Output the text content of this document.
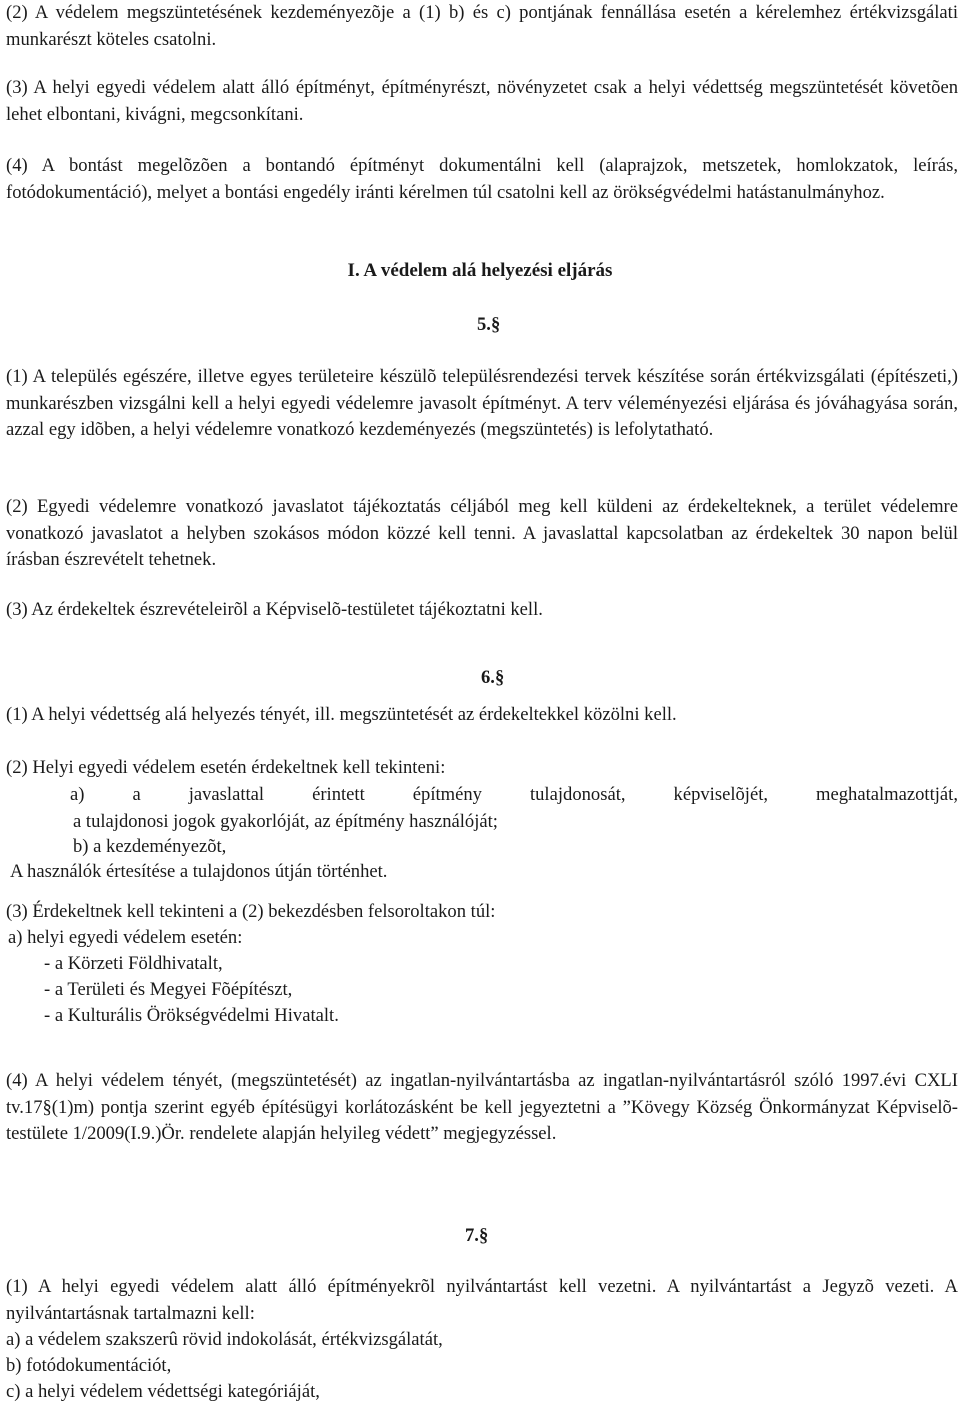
(2) A védelem megszüntetésének kezdeményezõje a (1) b) és c) pontjának fennállása esetén a kérelemhez értékvizsgálati munkarészt köteles csatolni.

(3) A helyi egyedi védelem alatt álló építményt, építményrészt, növényzetet csak a helyi védettség megszüntetését követõen lehet elbontani, kivágni, megcsonkítani.

(4) A bontást megelõzõen a bontandó építményt dokumentálni kell (alaprajzok, metszetek, homlokzatok, leírás, fotódokumentáció), melyet a bontási engedély iránti kérelmen túl csatolni kell az örökségvédelmi hatástanulmányhoz.

I. A védelem alá helyezési eljárás
5.§

(1) A település egészére, illetve egyes területeire készülõ településrendezési tervek készítése során értékvizsgálati (építészeti,) munkarészben vizsgálni kell a helyi egyedi védelemre javasolt építményt. A terv véleményezési eljárása és jóváhagyása során, azzal egy idõben, a helyi védelemre vonatkozó kezdeményezés (megszüntetés) is lefolytatható.

(2) Egyedi védelemre vonatkozó javaslatot tájékoztatás céljából meg kell küldeni az érdekelteknek, a terület védelemre vonatkozó javaslatot a helyben szokásos módon közzé kell tenni. A javaslattal kapcsolatban az érdekeltek 30 napon belül írásban észrevételt tehetnek.

(3) Az érdekeltek észrevételeirõl a Képviselõ-testületet tájékoztatni kell.

6.§

(1) A helyi védettség alá helyezés tényét, ill. megszüntetését az érdekeltekkel közölni kell.

(2) Helyi egyedi védelem esetén érdekeltnek kell tekinteni:

a) a javaslattal érintett építmény tulajdonosát, képviselõjét, meghatalmazottját,
a tulajdonosi jogok gyakorlóját, az építmény használóját;
b) a kezdeményezõt,
A használók értesítése a tulajdonos útján történhet.
(3) Érdekeltnek kell tekinteni a (2) bekezdésben felsoroltakon túl:
a) helyi egyedi védelem esetén:
- a Körzeti Földhivatalt,
- a Területi és Megyei Fõépítészt,
- a Kulturális Örökségvédelmi Hivatalt.

(4) A helyi védelem tényét, (megszüntetését) az ingatlan-nyilvántartásba az ingatlan-nyilvántartásról szóló 1997.évi CXLI tv.17§(1)m) pontja szerint egyéb építésügyi korlátozásként be kell jegyeztetni a ”Kövegy Község Önkormányzat Képviselõ-testülete 1/2009(I.9.)Ör. rendelete alapján helyileg védett” megjegyzéssel.

7.§

(1) A helyi egyedi védelem alatt álló építményekrõl nyilvántartást kell vezetni. A nyilvántartást a Jegyzõ vezeti. A nyilvántartásnak tartalmazni kell:

a) a védelem szakszerû rövid indokolását, értékvizsgálatát,
b) fotódokumentációt,
c) a helyi védelem védettségi kategóriáját,
